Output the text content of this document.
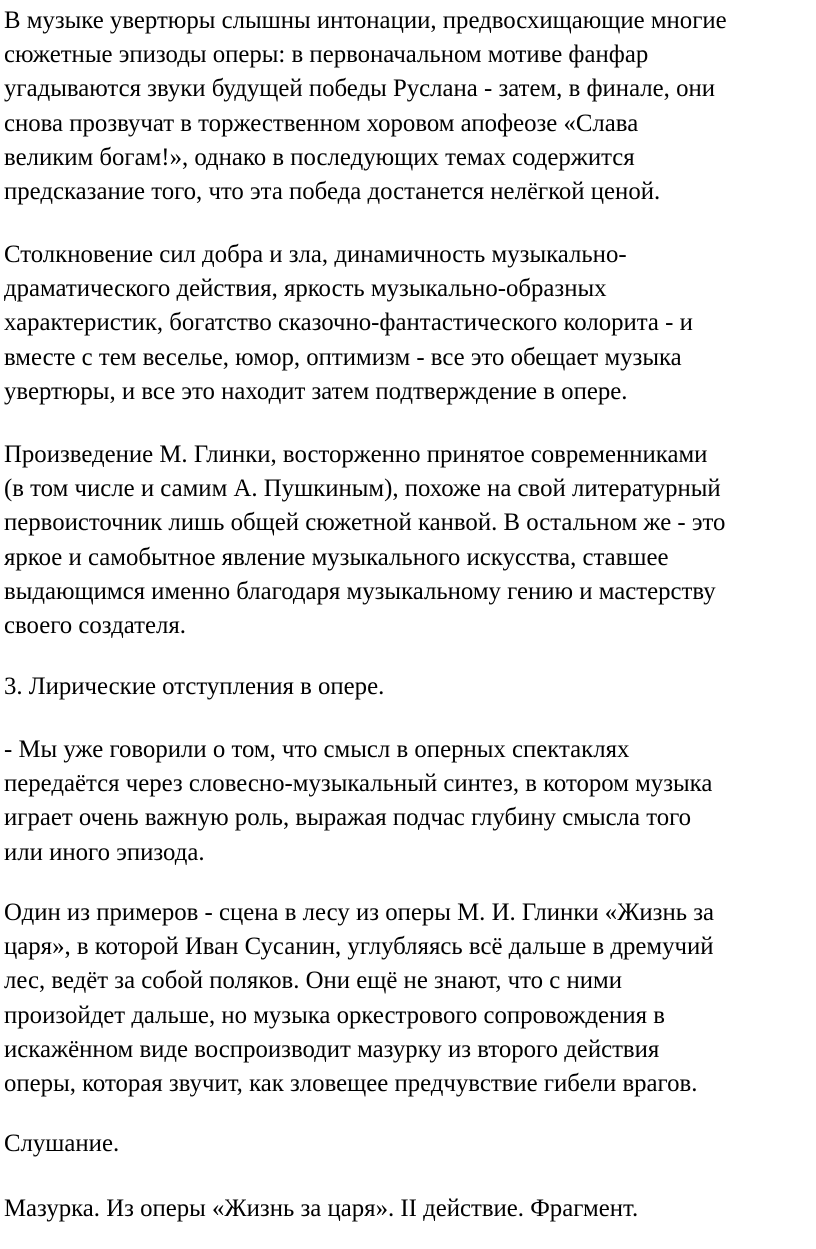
В музыке увертюры слышны интонации, предвосхищающие многие
сюжетные эпизоды оперы: в первоначальном мотиве фанфар
угадываются звуки будущей победы Руслана - затем, в финале, они
снова прозвучат в торжественном хоровом апофеозе «Слава
великим богам!», однако в последующих темах содержится
предсказание того, что эта победа достанется нелёгкой ценой.
Столкновение сил добра и зла, динамичность музыкально-
драматического действия, яркость музыкально-образных
характеристик, богатство сказочно-фантастического колорита - и
вместе с тем веселье, юмор, оптимизм - все это обещает музыка
увертюры, и все это находит затем подтверждение в опере.
Произведение М. Глинки, восторженно принятое современниками
(в том числе и самим А. Пушкиным), похоже на свой литературный
первоисточник лишь общей сюжетной канвой. В остальном же - это
яркое и самобытное явление музыкального искусства, ставшее
выдающимся именно благодаря музыкальному гению и мастерству
своего создателя.
3. Лирические отступления в опере.
- Мы уже говорили о том, что смысл в оперных спектаклях
передаётся через словесно-музыкальный синтез, в котором музыка
играет очень важную роль, выражая подчас глубину смысла того
или иного эпизода.
Один из примеров - сцена в лесу из оперы М. И. Глинки «Жизнь за
царя», в которой Иван Сусанин, углубляясь всё дальше в дремучий
лес, ведёт за собой поляков. Они ещё не знают, что с ними
произойдет дальше, но музыка оркестрового сопровождения в
искажённом виде воспроизводит мазурку из второго действия
оперы, которая звучит, как зловещее предчувствие гибели врагов.
Слушание.
Мазурка. Из оперы «Жизнь за царя». II действие. Фрагмент.
